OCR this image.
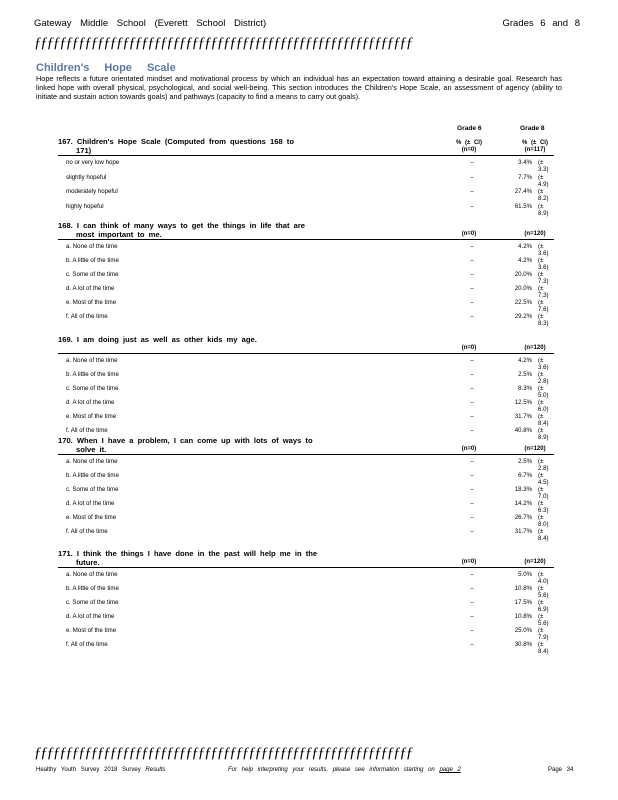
Gateway Middle School (Everett School District)	Grades 6 and 8
ƒƒƒƒƒƒƒƒƒƒƒƒƒƒƒƒƒƒƒƒƒƒƒƒƒƒƒƒƒƒƒƒƒƒƒƒƒƒƒƒƒƒƒƒƒƒƒƒƒƒƒƒƒƒƒƒƒƒƒƒ
Children's Hope Scale
Hope reflects a future orientated mindset and motivational process by which an individual has an expectation toward attaining a desirable goal. Research has linked hope with overall physical, psychological, and social well-being. This section introduces the Children's Hope Scale, an assessment of agency (ability to initiate and sustain action towards goals) and pathways (capacity to find a means to carry out goals).
Grade 6	Grade 8
167. Children's Hope Scale (Computed from questions 168 to
171)
% (± CI)	% (± CI)
(n=0)	(n=117)
no or very low hope	--	3.4% (± 3.3)
slightly hopeful	--	7.7% (± 4.9)
moderately hopeful	--	27.4% (± 8.2)
highly hopeful	--	61.5% (± 8.9)
168. I can think of many ways to get the things in life that are
most important to me.	(n=0)	(n=120)
a. None of the time	--	4.2% (± 3.6)
b. A little of the time	--	4.2% (± 3.6)
c. Some of the time	--	20.0% (± 7.3)
d. A lot of the time	--	20.0% (± 7.3)
e. Most of the time	--	22.5% (± 7.6)
f. All of the time	--	29.2% (± 8.3)
169. I am doing just as well as other kids my age.
(n=0)	(n=120)
a. None of the time	--	4.2% (± 3.6)
b. A little of the time	--	2.5% (± 2.8)
c. Some of the time	--	8.3% (± 5.0)
d. A lot of the time	--	12.5% (± 6.0)
e. Most of the time	--	31.7% (± 8.4)
f. All of the time	--	40.8% (± 8.9)
170. When I have a problem, I can come up with lots of ways to
solve it.	(n=0)	(n=120)
a. None of the time	--	2.5% (± 2.8)
b. A little of the time	--	6.7% (± 4.5)
c. Some of the time	--	18.3% (± 7.0)
d. A lot of the time	--	14.2% (± 6.3)
e. Most of the time	--	26.7% (± 8.0)
f. All of the time	--	31.7% (± 8.4)
171. I think the things I have done in the past will help me in the
future.	(n=0)	(n=120)
a. None of the time	--	5.0% (± 4.0)
b. A little of the time	--	10.8% (± 5.6)
c. Some of the time	--	17.5% (± 6.9)
d. A lot of the time	--	10.8% (± 5.6)
e. Most of the time	--	25.0% (± 7.9)
f. All of the time	--	30.8% (± 8.4)
ƒƒƒƒƒƒƒƒƒƒƒƒƒƒƒƒƒƒƒƒƒƒƒƒƒƒƒƒƒƒƒƒƒƒƒƒƒƒƒƒƒƒƒƒƒƒƒƒƒƒƒƒƒƒƒƒƒƒƒƒ
Healthy Youth Survey 2018 Survey Results	For help interpreting your results, please see information starting on page 2	Page 34
